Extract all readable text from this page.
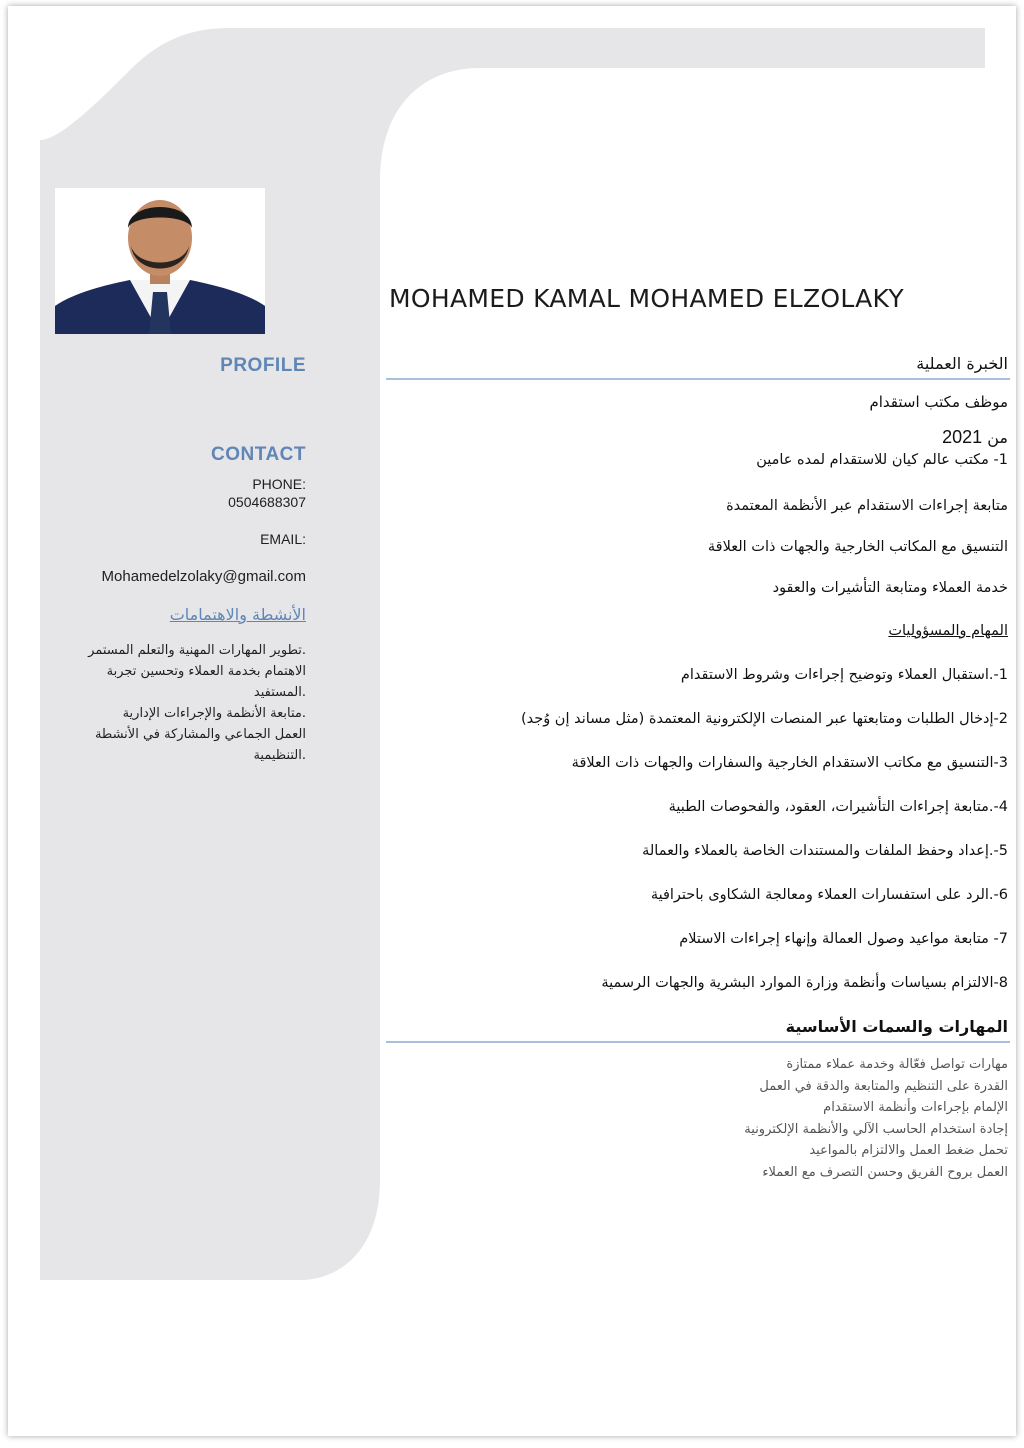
PROFILE
CONTACT
PHONE:
0504688307
EMAIL:
Mohamedelzolaky@gmail.com
الأنشطة والاهتمامات
.تطوير المهارات المهنية والتعلم المستمر
الاهتمام بخدمة العملاء وتحسين تجربة
.المستفيد
.متابعة الأنظمة والإجراءات الإدارية
العمل الجماعي والمشاركة في الأنشطة
.التنظيمية
MOHAMED KAMAL MOHAMED ELZOLAKY
الخبرة العملية
موظف مكتب استقدام
من 2021
1- مكتب عالم كيان للاستقدام لمده عامين
متابعة إجراءات الاستقدام عبر الأنظمة المعتمدة
التنسيق مع المكاتب الخارجية والجهات ذات العلاقة
خدمة العملاء ومتابعة التأشيرات والعقود
المهام والمسؤوليات
1-.استقبال العملاء وتوضيح إجراءات وشروط الاستقدام
2-إدخال الطلبات ومتابعتها عبر المنصات الإلكترونية المعتمدة (مثل مساند إن وُجد)
3-التنسيق مع مكاتب الاستقدام الخارجية والسفارات والجهات ذات العلاقة
4-.متابعة إجراءات التأشيرات، العقود، والفحوصات الطبية
5-.إعداد وحفظ الملفات والمستندات الخاصة بالعملاء والعمالة
6-.الرد على استفسارات العملاء ومعالجة الشكاوى باحترافية
7- متابعة مواعيد وصول العمالة وإنهاء إجراءات الاستلام
8-الالتزام بسياسات وأنظمة وزارة الموارد البشرية والجهات الرسمية
المهارات والسمات الأساسية
مهارات تواصل فعّالة وخدمة عملاء ممتازة
القدرة على التنظيم والمتابعة والدقة في العمل
الإلمام بإجراءات وأنظمة الاستقدام
إجادة استخدام الحاسب الآلي والأنظمة الإلكترونية
تحمل ضغط العمل والالتزام بالمواعيد
العمل بروح الفريق وحسن التصرف مع العملاء
